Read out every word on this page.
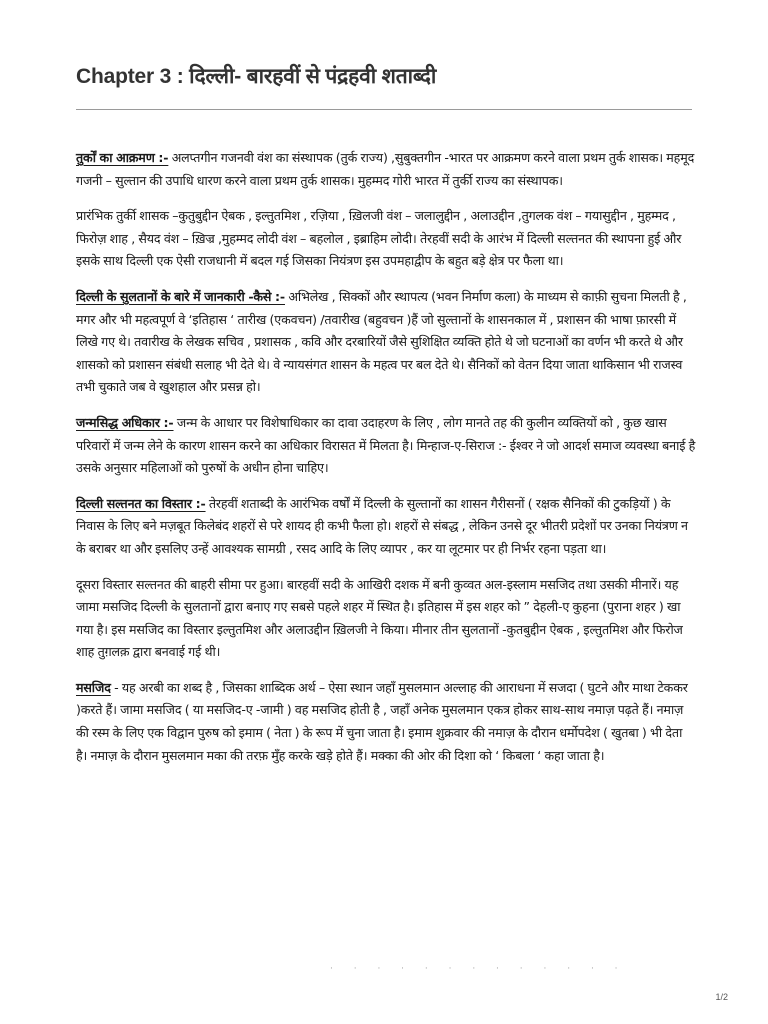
Chapter 3 : दिल्ली- बारहवीं से पंद्रहवी शताब्दी

तुर्कों का आक्रमण :- अलप्तगीन गजनवी वंश का संस्थापक (तुर्क राज्य) ,सुबुक्तगीन -भारत पर आक्रमण करने वाला प्रथम तुर्क शासक। महमूद गजनी – सुल्तान की उपाधि धारण करने वाला प्रथम तुर्क शासक। मुहम्मद गोरी भारत में तुर्की राज्य का संस्थापक।

प्रारंभिक तुर्की शासक –कुतुबुद्दीन ऐबक , इल्तुतमिश , रज़िया , ख़िलजी वंश – जलालुद्दीन , अलाउद्दीन ,तुगलक वंश – गयासुद्दीन , मुहम्मद , फिरोज़ शाह , सैयद वंश – ख़िज्र ,मुहम्मद लोदी वंश – बहलोल , इब्राहिम लोदी। तेरहवीं सदी के आरंभ में दिल्ली सल्तनत की स्थापना हुई और इसके साथ दिल्ली एक ऐसी राजधानी में बदल गई जिसका नियंत्रण इस उपमहाद्वीप के बहुत बड़े क्षेत्र पर फैला था।

दिल्ली के सुलतानों के बारे में जानकारी -कैसे :- अभिलेख , सिक्कों और स्थापत्य (भवन निर्माण कला) के माध्यम से काफ़ी सुचना मिलती है , मगर और भी महत्वपूर्ण वे ‘इतिहास ‘ तारीख (एकवचन) /तवारीख (बहुवचन )हैं जो सुल्तानों के शासनकाल में , प्रशासन की भाषा फ़ारसी में लिखे गए थे। तवारीख के लेखक सचिव , प्रशासक , कवि और दरबारियों जैसे सुशिक्षित व्यक्ति होते थे जो घटनाओं का वर्णन भी करते थे और शासको को प्रशासन संबंधी सलाह भी देते थे। वे न्यायसंगत शासन के महत्व पर बल देते थे। सैनिकों को वेतन दिया जाता थाकिसान भी राजस्व तभी चुकाते जब वे खुशहाल और प्रसन्न हो।

जन्मसिद्ध अधिकार :- जन्म के आधार पर विशेषाधिकार का दावा उदाहरण के लिए , लोग मानते तह की कुलीन व्यक्तियों को , कुछ खास परिवारों में जन्म लेने के कारण शासन करने का अधिकार विरासत में मिलता है। मिन्हाज-ए-सिराज :- ईश्वर ने जो आदर्श समाज व्यवस्था बनाई है उसके अनुसार महिलाओं को पुरुषों के अधीन होना चाहिए।

दिल्ली सल्तनत का विस्तार :- तेरहवीं शताब्दी के आरंभिक वर्षों में दिल्ली के सुल्तानों का शासन गैरीसनों ( रक्षक सैनिकों की टुकड़ियों ) के निवास के लिए बने मज़बूत किलेबंद शहरों से परे शायद ही कभी फैला हो। शहरों से संबद्ध , लेकिन उनसे दूर भीतरी प्रदेशों पर उनका नियंत्रण न के बराबर था और इसलिए उन्हें आवश्यक सामग्री , रसद आदि के लिए व्यापर , कर या लूटमार पर ही निर्भर रहना पड़ता था।

दूसरा विस्तार सल्तनत की बाहरी सीमा पर हुआ। बारहवीं सदी के आखिरी दशक में बनी कुव्वत अल-इस्लाम मसजिद तथा उसकी मीनारें। यह जामा मसजिद दिल्ली के सुलतानों द्वारा बनाए गए सबसे पहले शहर में स्थित है। इतिहास में इस शहर को ” देहली-ए कुहना (पुराना शहर ) खा गया है। इस मसजिद का विस्तार इल्तुतमिश और अलाउद्दीन ख़िलजी ने किया। मीनार तीन सुलतानों -कुतबुद्दीन ऐबक , इल्तुतमिश और फिरोज शाह तुग़लक़ द्वारा बनवाई गई थी।

मसजिद - यह अरबी का शब्द है , जिसका शाब्दिक अर्थ – ऐसा स्थान जहाँ मुसलमान अल्लाह की आराधना में सजदा ( घुटने और माथा टेककर )करते हैं। जामा मसजिद ( या मसजिद-ए -जामी ) वह मसजिद होती है , जहाँ अनेक मुसलमान एकत्र होकर साथ-साथ नमाज़ पढ़ते हैं। नमाज़ की रस्म के लिए एक विद्वान पुरुष को इमाम ( नेता ) के रूप में चुना जाता है। इमाम शुक्रवार की नमाज़ के दौरान धर्मोपदेश ( खुतबा ) भी देता है। नमाज़ के दौरान मुसलमान मका की तरफ़ मुँह करके खड़े होते हैं। मक्का की ओर की दिशा को ‘ किबला ‘ कहा जाता है।

· · · · · · · · · · · · ·
1/2
